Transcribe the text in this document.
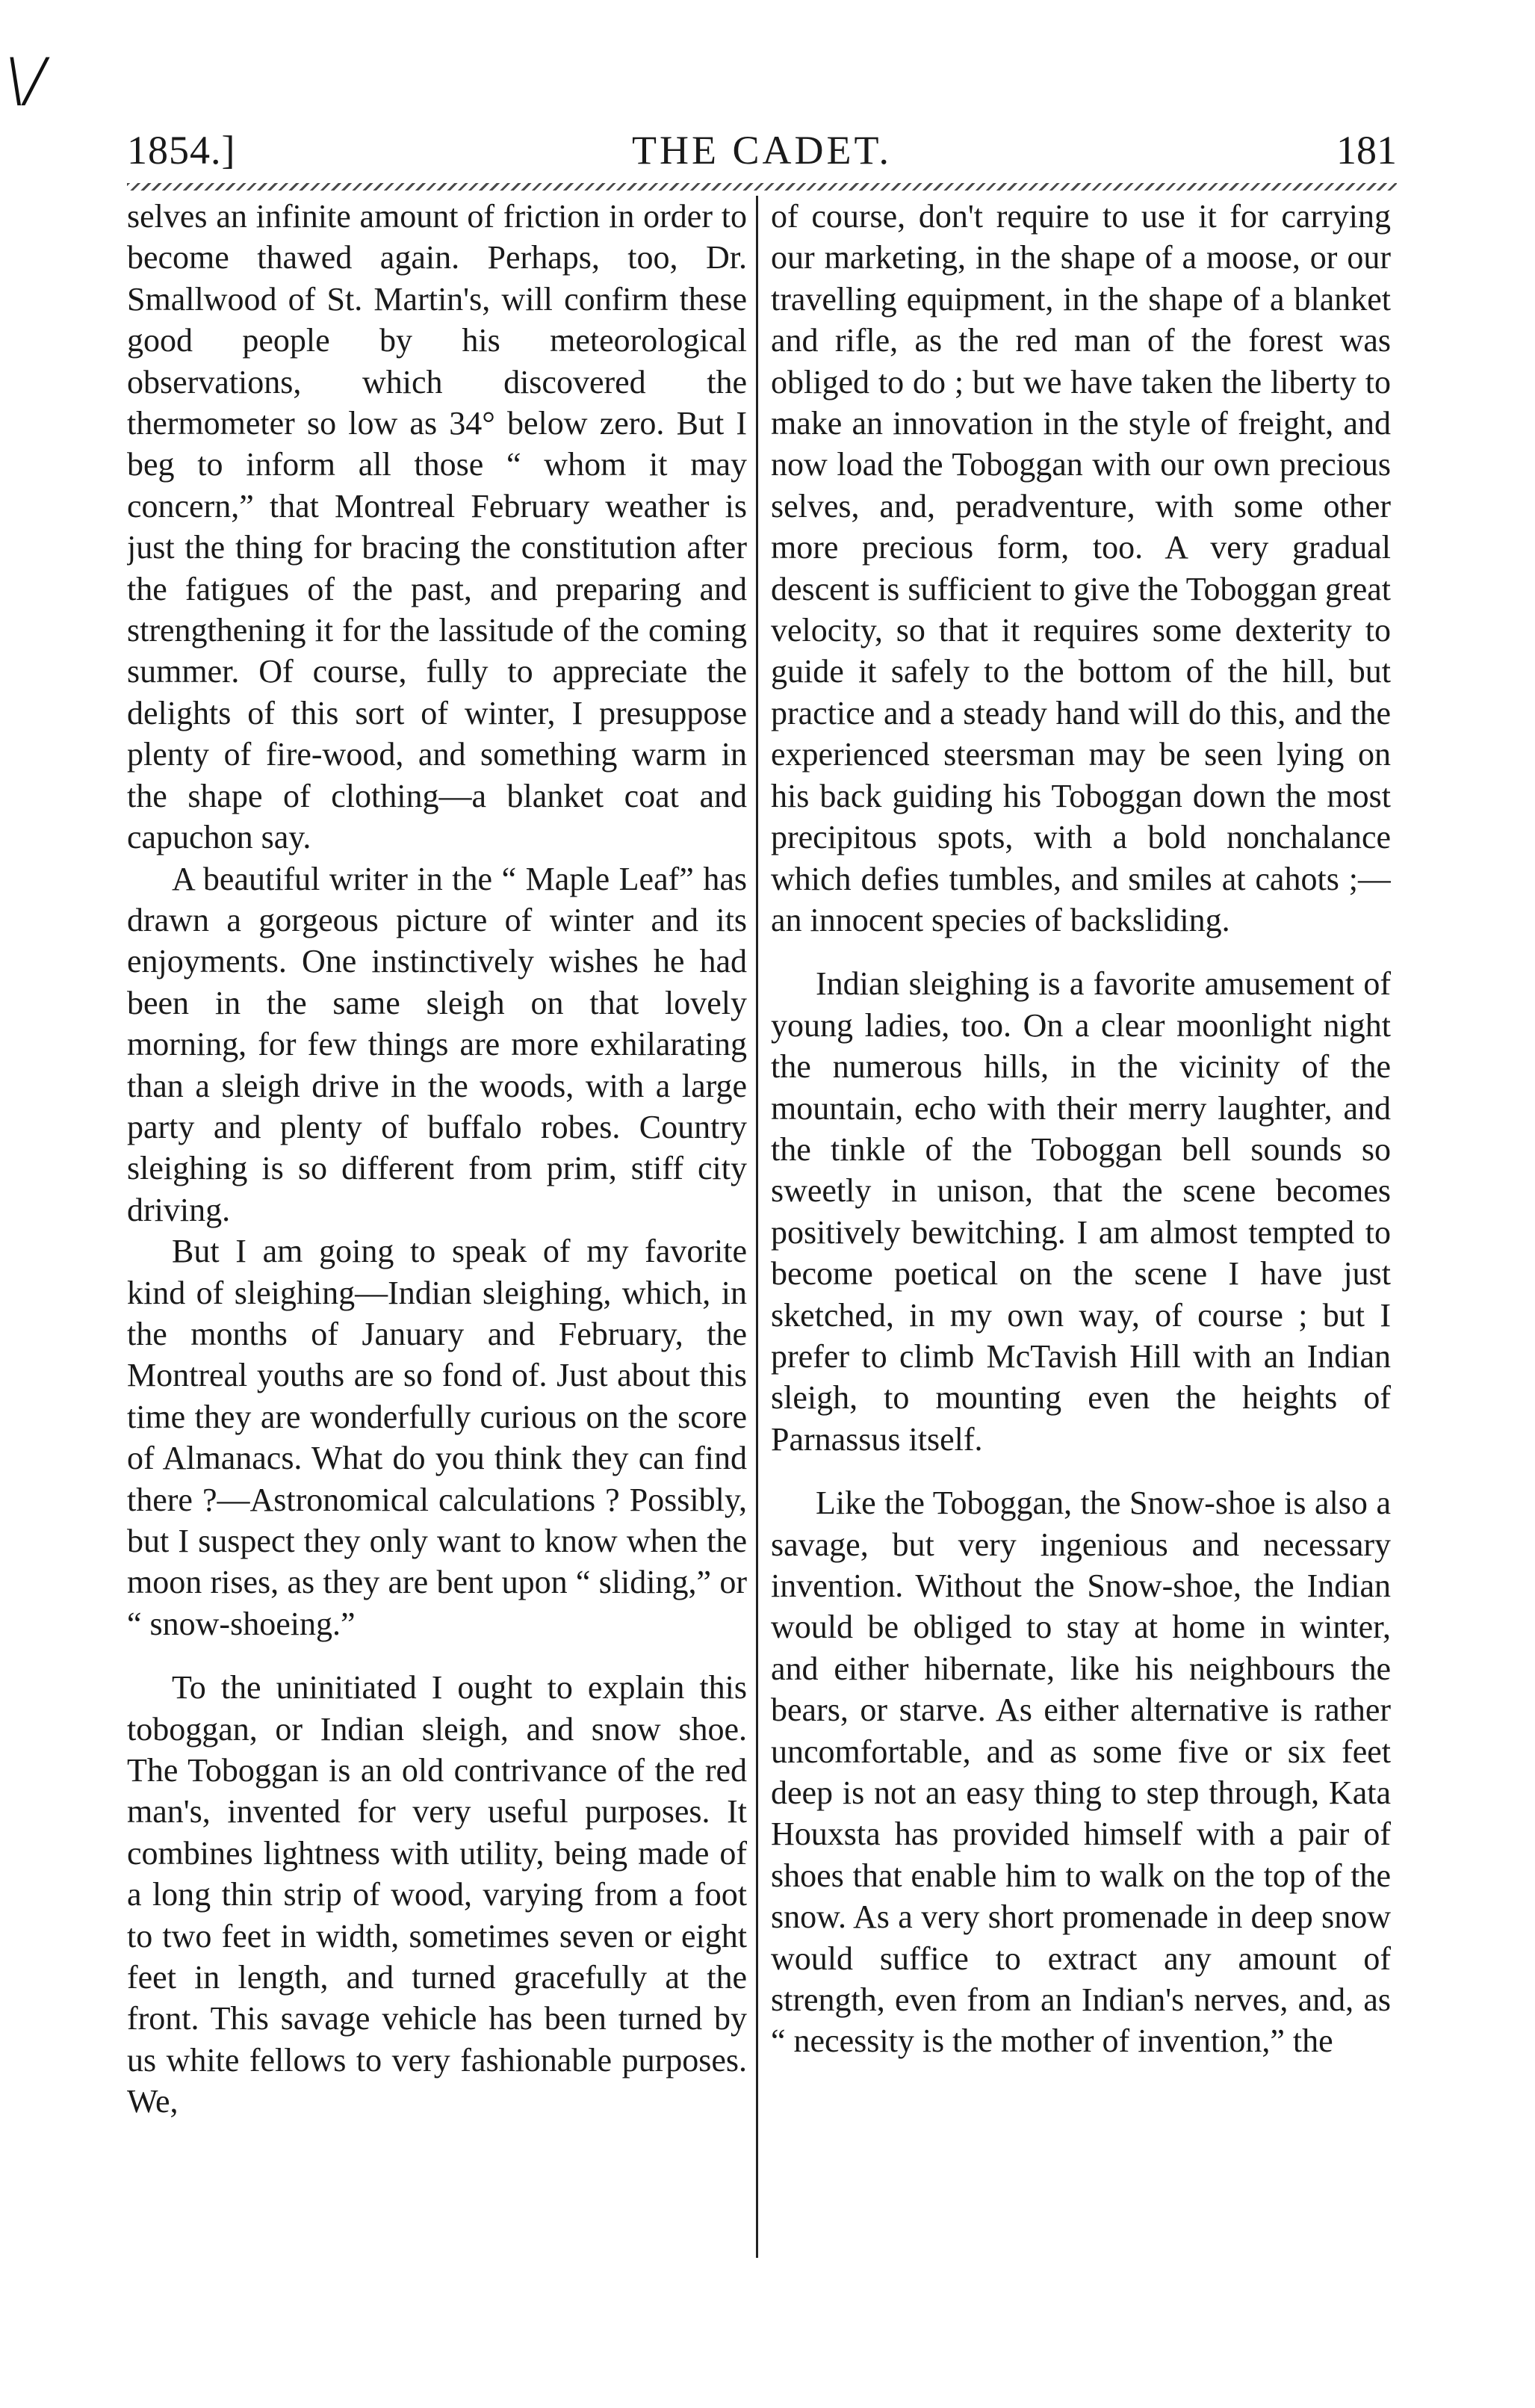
\/
1854.]	THE CADET.	181

selves an infinite amount of friction in order to become thawed again. Perhaps, too, Dr. Smallwood of St. Martin's, will confirm these good people by his meteorological observations, which discovered the thermometer so low as 34° below zero. But I beg to inform all those “ whom it may concern,” that Montreal February weather is just the thing for bracing the constitution after the fatigues of the past, and preparing and strengthening it for the lassitude of the coming summer. Of course, fully to appreciate the delights of this sort of winter, I presuppose plenty of fire-wood, and something warm in the shape of clothing—a blanket coat and capuchon say.

A beautiful writer in the “ Maple Leaf” has drawn a gorgeous picture of winter and its enjoyments. One instinctively wishes he had been in the same sleigh on that lovely morning, for few things are more exhilarating than a sleigh drive in the woods, with a large party and plenty of buffalo robes. Country sleighing is so different from prim, stiff city driving.

But I am going to speak of my favorite kind of sleighing—Indian sleighing, which, in the months of January and February, the Montreal youths are so fond of. Just about this time they are wonderfully curious on the score of Almanacs. What do you think they can find there ?—Astronomical calculations ? Possibly, but I suspect they only want to know when the moon rises, as they are bent upon “ sliding,” or “ snow-shoeing.”

To the uninitiated I ought to explain this toboggan, or Indian sleigh, and snow shoe. The Toboggan is an old contrivance of the red man's, invented for very useful purposes. It combines lightness with utility, being made of a long thin strip of wood, varying from a foot to two feet in width, sometimes seven or eight feet in length, and turned gracefully at the front. This savage vehicle has been turned by us white fellows to very fashionable purposes. We,

of course, don't require to use it for carrying our marketing, in the shape of a moose, or our travelling equipment, in the shape of a blanket and rifle, as the red man of the forest was obliged to do ; but we have taken the liberty to make an innovation in the style of freight, and now load the Toboggan with our own precious selves, and, peradventure, with some other more precious form, too. A very gradual descent is sufficient to give the Toboggan great velocity, so that it requires some dexterity to guide it safely to the bottom of the hill, but practice and a steady hand will do this, and the experienced steersman may be seen lying on his back guiding his Toboggan down the most precipitous spots, with a bold nonchalance which defies tumbles, and smiles at cahots ;—an innocent species of backsliding.

Indian sleighing is a favorite amusement of young ladies, too. On a clear moonlight night the numerous hills, in the vicinity of the mountain, echo with their merry laughter, and the tinkle of the Toboggan bell sounds so sweetly in unison, that the scene becomes positively bewitching. I am almost tempted to become poetical on the scene I have just sketched, in my own way, of course ; but I prefer to climb McTavish Hill with an Indian sleigh, to mounting even the heights of Parnassus itself.

Like the Toboggan, the Snow-shoe is also a savage, but very ingenious and necessary invention. Without the Snow-shoe, the Indian would be obliged to stay at home in winter, and either hibernate, like his neighbours the bears, or starve. As either alternative is rather uncomfortable, and as some five or six feet deep is not an easy thing to step through, Kata Houxsta has provided himself with a pair of shoes that enable him to walk on the top of the snow. As a very short promenade in deep snow would suffice to extract any amount of strength, even from an Indian's nerves, and, as “ necessity is the mother of invention,” the
